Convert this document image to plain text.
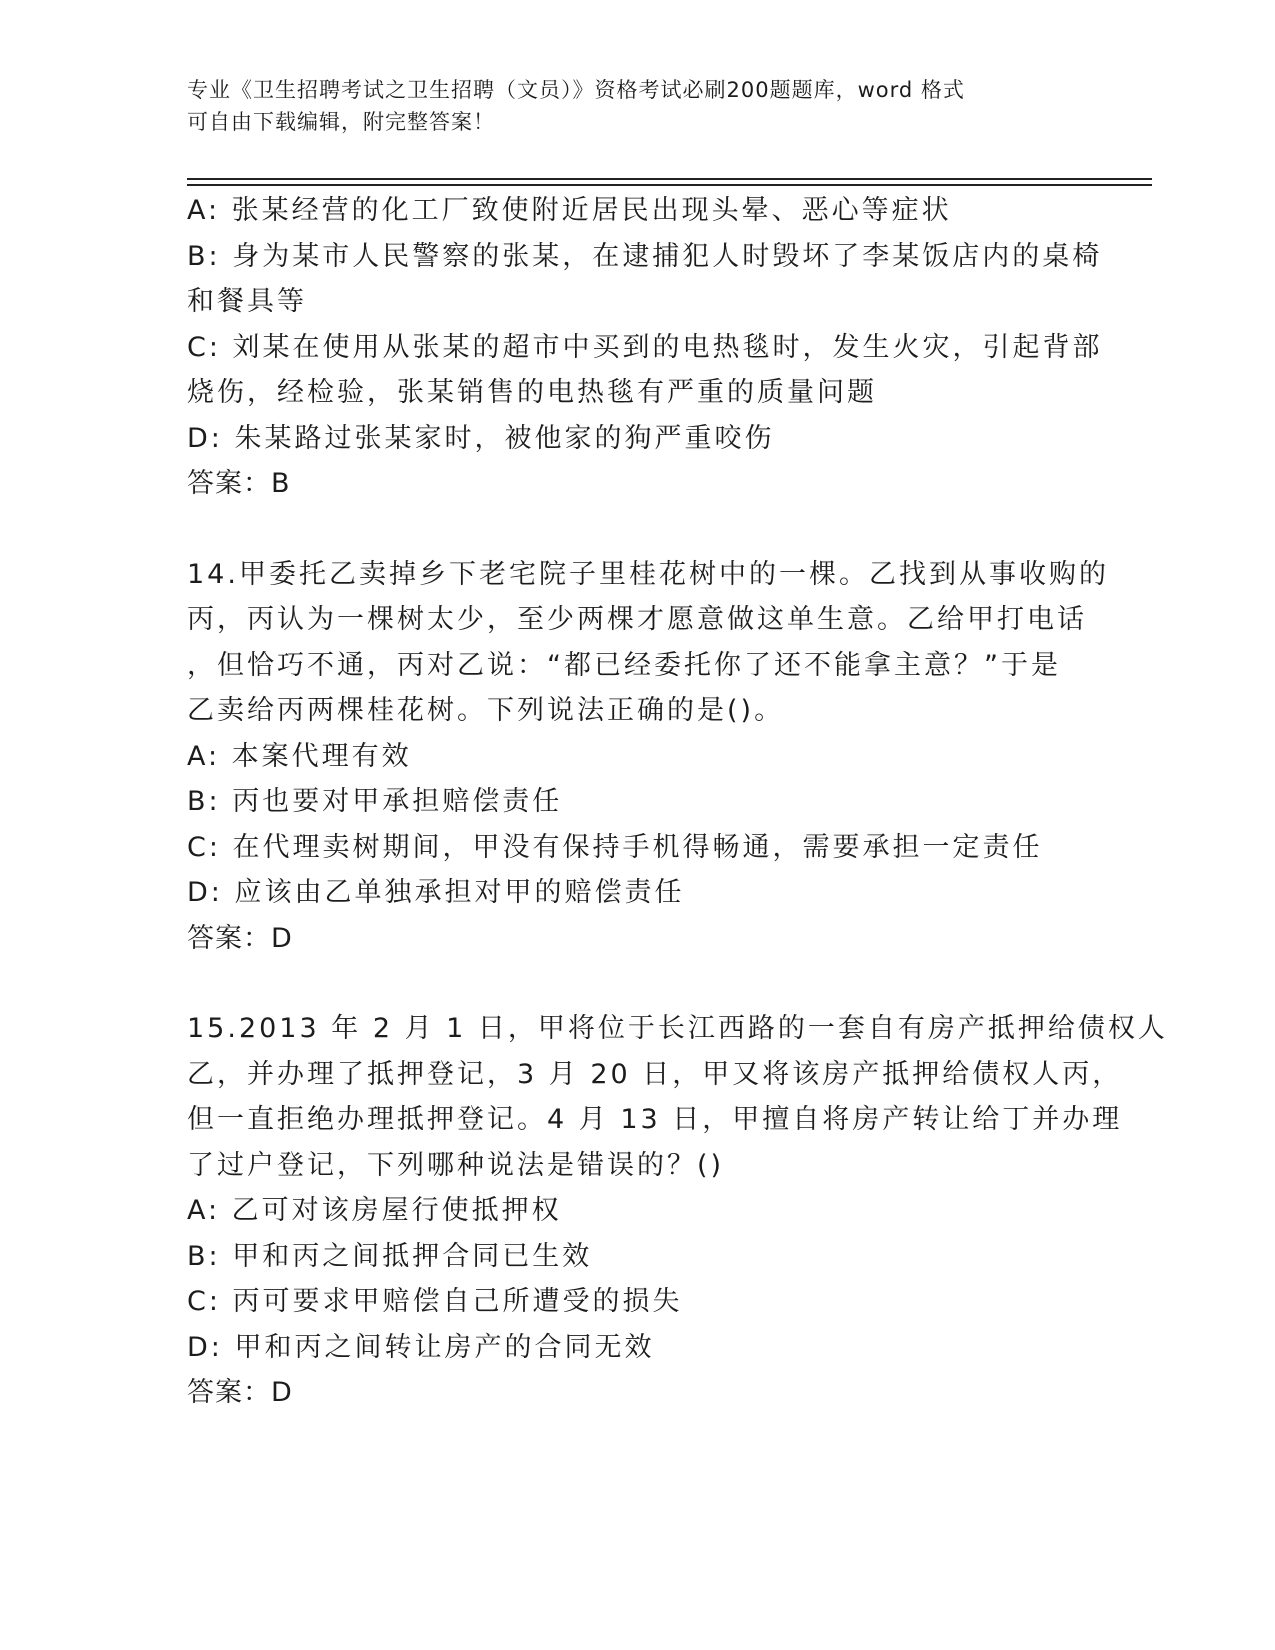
专业《卫生招聘考试之卫生招聘（文员）》资格考试必刷200题题库，word 格式
可自由下载编辑，附完整答案！

A: 张某经营的化工厂致使附近居民出现头晕、恶心等症状

B: 身为某市人民警察的张某，在逮捕犯人时毁坏了李某饭店内的桌椅

和餐具等

C: 刘某在使用从张某的超市中买到的电热毯时，发生火灾，引起背部

烧伤，经检验，张某销售的电热毯有严重的质量问题

D: 朱某路过张某家时，被他家的狗严重咬伤

答案：B

14.甲委托乙卖掉乡下老宅院子里桂花树中的一棵。乙找到从事收购的

丙，丙认为一棵树太少，至少两棵才愿意做这单生意。乙给甲打电话

，但恰巧不通，丙对乙说：“都已经委托你了还不能拿主意？”于是

乙卖给丙两棵桂花树。下列说法正确的是()。

A: 本案代理有效

B: 丙也要对甲承担赔偿责任

C: 在代理卖树期间，甲没有保持手机得畅通，需要承担一定责任

D: 应该由乙单独承担对甲的赔偿责任

答案：D

15.2013 年 2 月 1 日，甲将位于长江西路的一套自有房产抵押给债权人

乙，并办理了抵押登记，3 月 20 日，甲又将该房产抵押给债权人丙，

但一直拒绝办理抵押登记。4 月 13 日，甲擅自将房产转让给丁并办理

了过户登记，下列哪种说法是错误的？()

A: 乙可对该房屋行使抵押权

B: 甲和丙之间抵押合同已生效

C: 丙可要求甲赔偿自己所遭受的损失

D: 甲和丙之间转让房产的合同无效

答案：D
